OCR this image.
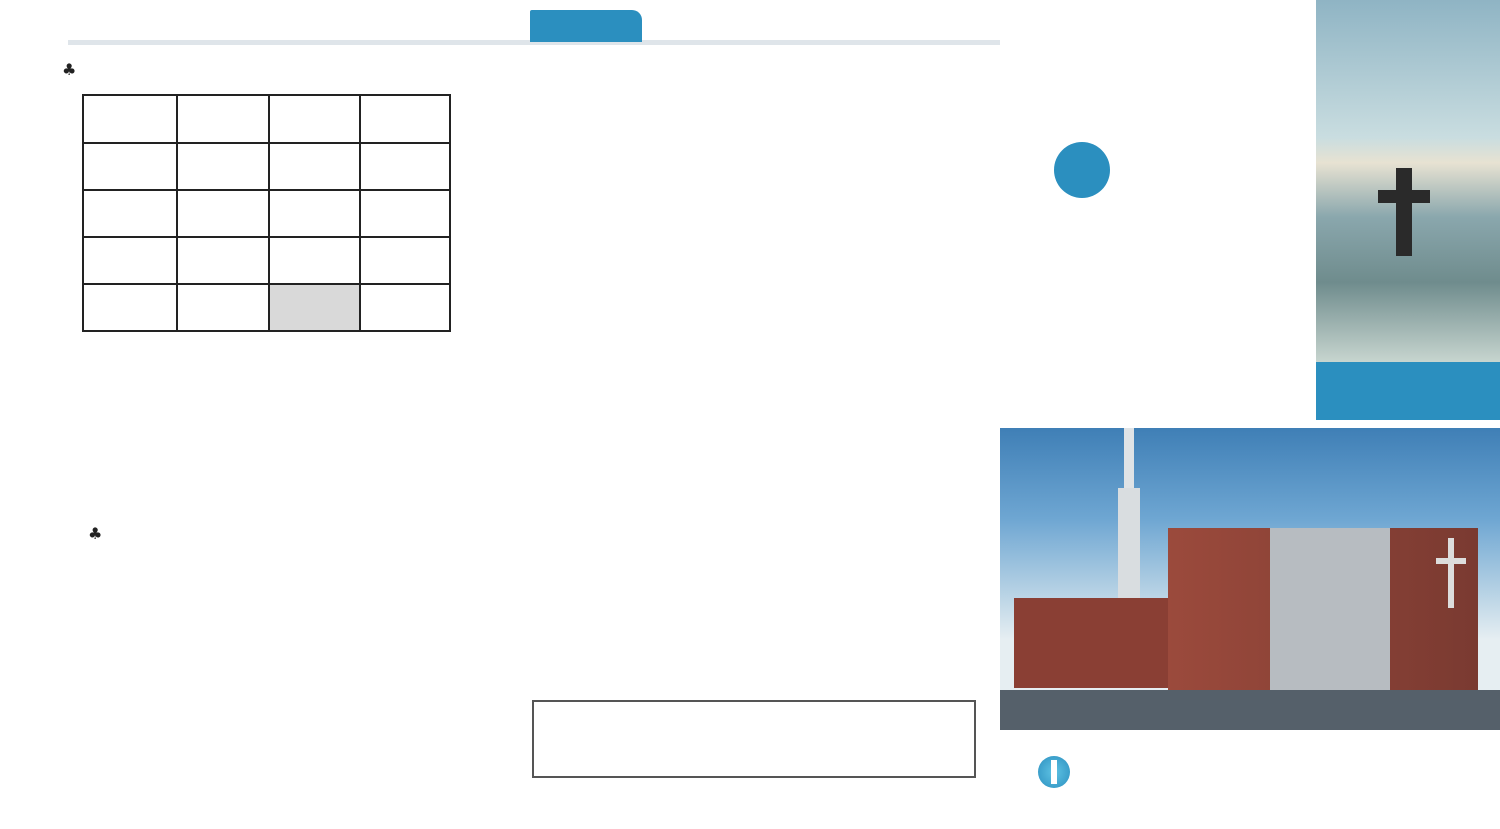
♣

♣
